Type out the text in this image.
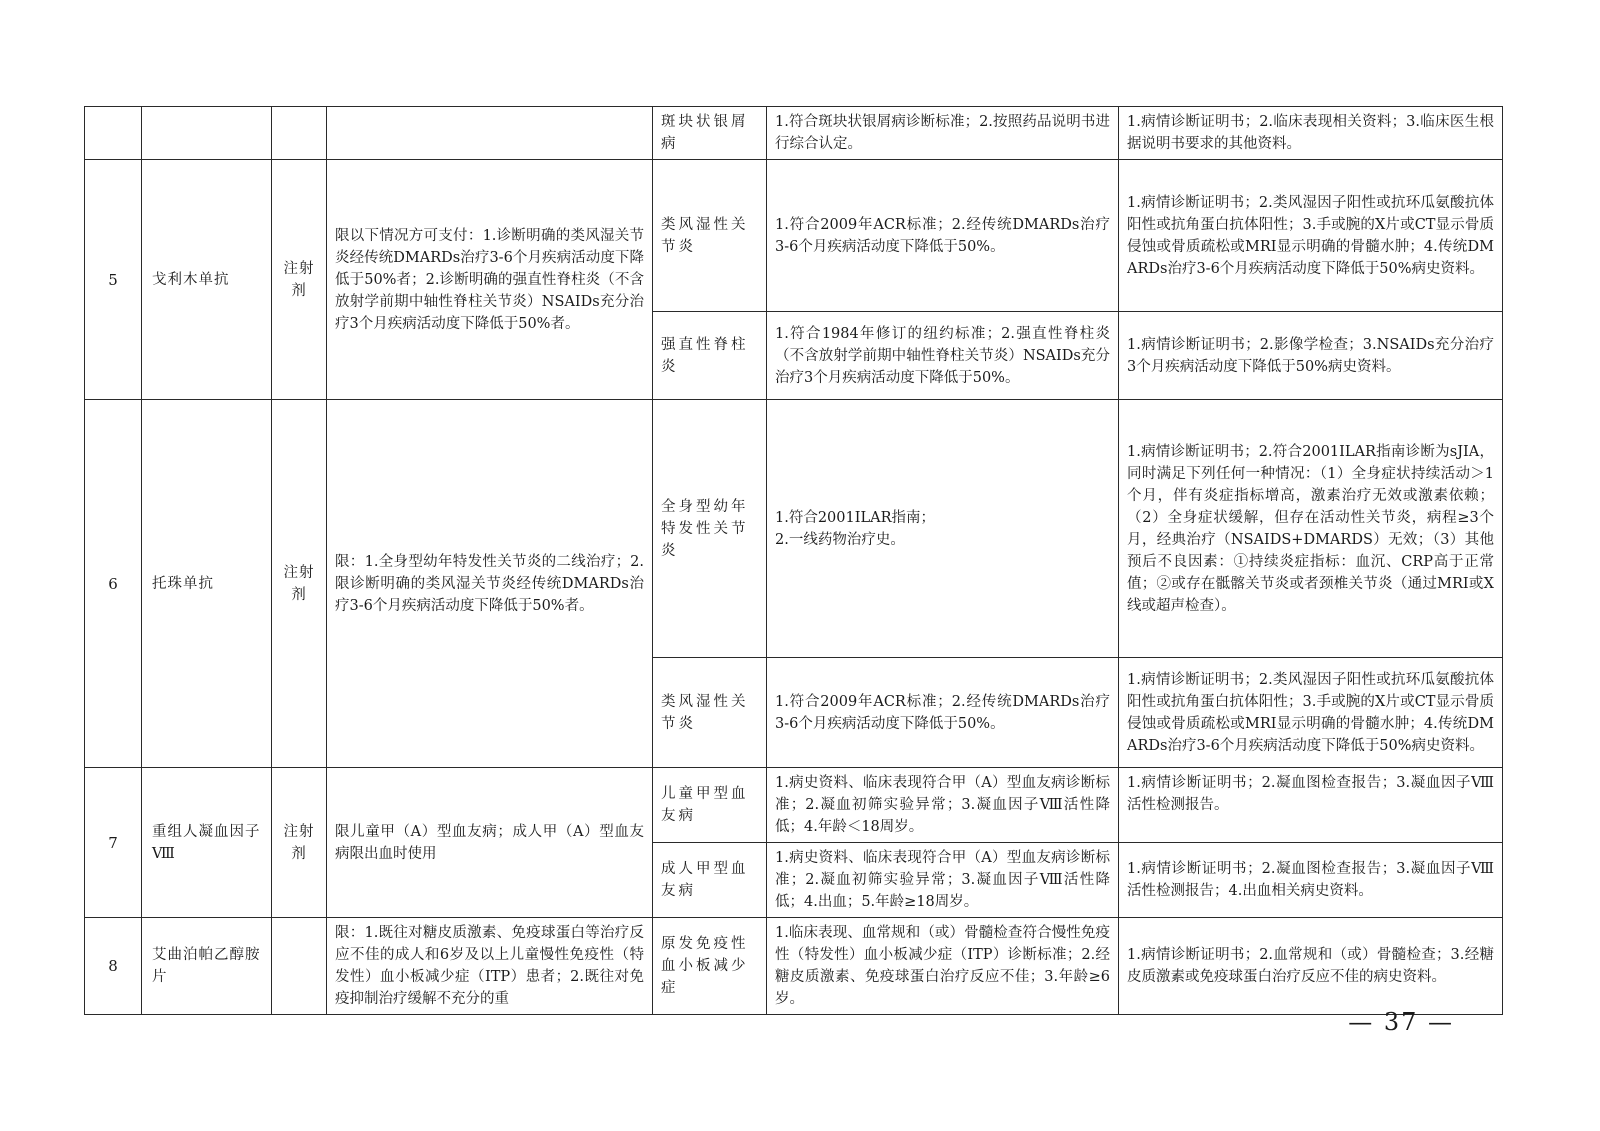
				斑块状银屑病	1.符合斑块状银屑病诊断标准；2.按照药品说明书进行综合认定。	1.病情诊断证明书；2.临床表现相关资料；3.临床医生根据说明书要求的其他资料。
5	戈利木单抗	注射剂	限以下情况方可支付：1.诊断明确的类风湿关节炎经传统DMARDs治疗3-6个月疾病活动度下降低于50%者；2.诊断明确的强直性脊柱炎（不含放射学前期中轴性脊柱关节炎）NSAIDs充分治疗3个月疾病活动度下降低于50%者。	类风湿性关节炎	1.符合2009年ACR标准；2.经传统DMARDs治疗 3-6个月疾病活动度下降低于50%。	1.病情诊断证明书；2.类风湿因子阳性或抗环瓜氨酸抗体阳性或抗角蛋白抗体阳性；3.手或腕的X片或CT显示骨质侵蚀或骨质疏松或MRI显示明确的骨髓水肿；4.传统DMARDs治疗3-6个月疾病活动度下降低于50%病史资料。
				强直性脊柱炎	1.符合1984年修订的纽约标准；2.强直性脊柱炎（不含放射学前期中轴性脊柱关节炎）NSAIDs充分治疗3个月疾病活动度下降低于50%。	1.病情诊断证明书；2.影像学检查；3.NSAIDs充分治疗3个月疾病活动度下降低于50%病史资料。
6	托珠单抗	注射剂	限：1.全身型幼年特发性关节炎的二线治疗；2.限诊断明确的类风湿关节炎经传统DMARDs治疗3-6个月疾病活动度下降低于50%者。	全身型幼年特发性关节炎	1.符合2001ILAR指南；
2.一线药物治疗史。	1.病情诊断证明书；2.符合2001ILAR指南诊断为sJIA，同时满足下列任何一种情况：（1）全身症状持续活动＞1个月，伴有炎症指标增高，激素治疗无效或激素依赖；（2）全身症状缓解，但存在活动性关节炎，病程≥3个月，经典治疗（NSAIDS+DMARDS）无效；（3）其他预后不良因素：①持续炎症指标：血沉、CRP高于正常值；②或存在骶髂关节炎或者颈椎关节炎（通过MRI或X线或超声检查）。
				类风湿性关节炎	1.符合2009年ACR标准；2.经传统DMARDs治疗 3-6个月疾病活动度下降低于50%。	1.病情诊断证明书；2.类风湿因子阳性或抗环瓜氨酸抗体阳性或抗角蛋白抗体阳性；3.手或腕的X片或CT显示骨质侵蚀或骨质疏松或MRI显示明确的骨髓水肿；4.传统DMARDs治疗3-6个月疾病活动度下降低于50%病史资料。
7	重组人凝血因子Ⅷ	注射剂	限儿童甲（A）型血友病；成人甲（A）型血友病限出血时使用	儿童甲型血友病	1.病史资料、临床表现符合甲（A）型血友病诊断标准；2.凝血初筛实验异常；3.凝血因子Ⅷ活性降低；4.年龄＜18周岁。	1.病情诊断证明书；2.凝血图检查报告；3.凝血因子Ⅷ活性检测报告。
				成人甲型血友病	1.病史资料、临床表现符合甲（A）型血友病诊断标准；2.凝血初筛实验异常；3.凝血因子Ⅷ活性降低；4.出血；5.年龄≥18周岁。	1.病情诊断证明书；2.凝血图检查报告；3.凝血因子Ⅷ活性检测报告；4.出血相关病史资料。
8	艾曲泊帕乙醇胺片		限：1.既往对糖皮质激素、免疫球蛋白等治疗反应不佳的成人和6岁及以上儿童慢性免疫性（特发性）血小板减少症（ITP）患者；2.既往对免疫抑制治疗缓解不充分的重	原发免疫性血小板减少症	1.临床表现、血常规和（或）骨髓检查符合慢性免疫性（特发性）血小板减少症（ITP）诊断标准；2.经糖皮质激素、免疫球蛋白治疗反应不佳；3.年龄≥6岁。	1.病情诊断证明书；2.血常规和（或）骨髓检查；3.经糖皮质激素或免疫球蛋白治疗反应不佳的病史资料。
— 37 —
